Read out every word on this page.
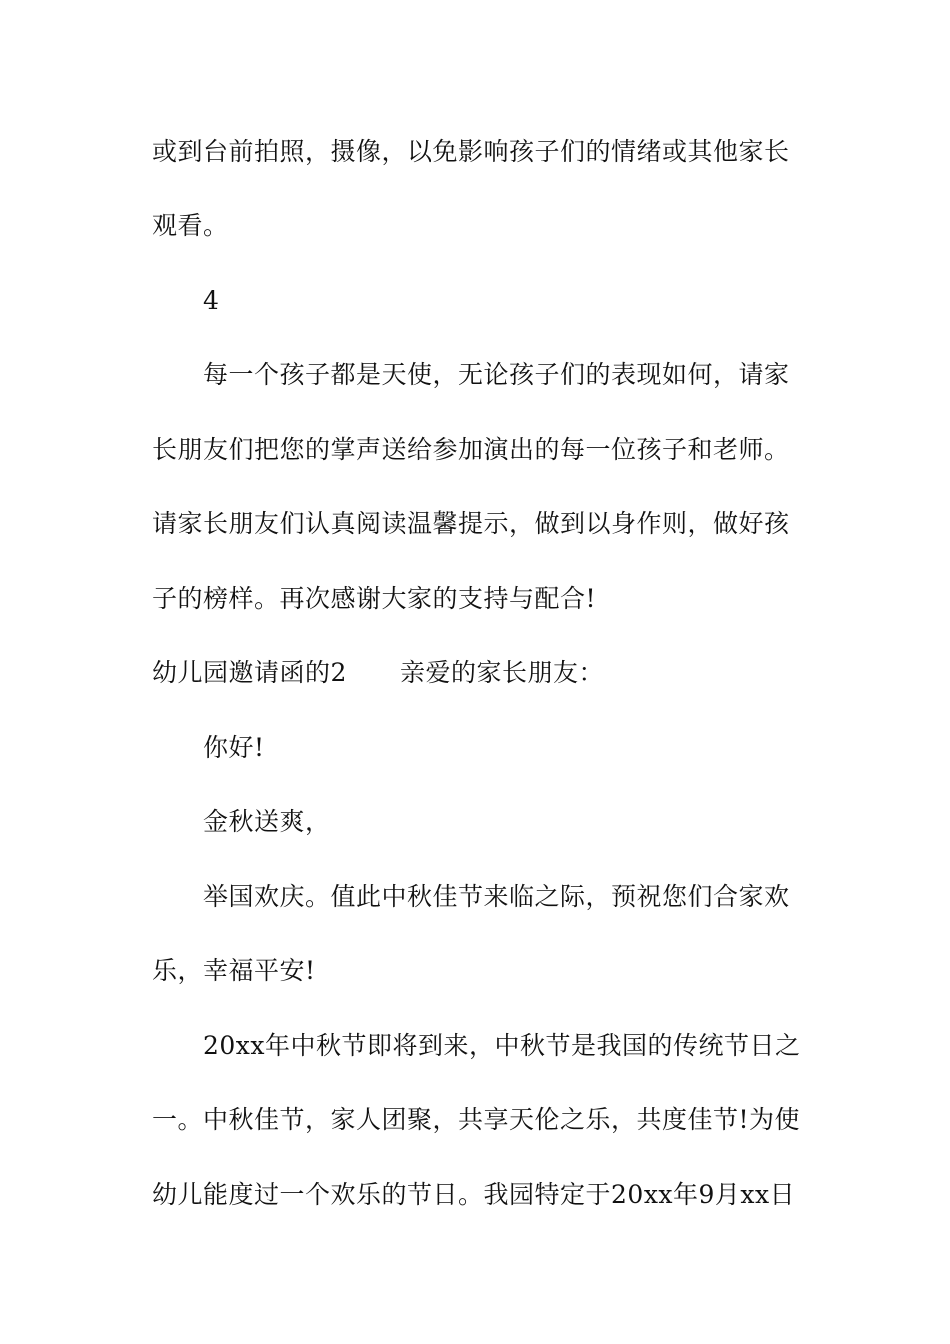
或到台前拍照，摄像，以免影响孩子们的情绪或其他家长
观看。
4
每一个孩子都是天使，无论孩子们的表现如何，请家
长朋友们把您的掌声送给参加演出的每一位孩子和老师。
请家长朋友们认真阅读温馨提示，做到以身作则，做好孩
子的榜样。再次感谢大家的支持与配合!
幼儿园邀请函的2 亲爱的家长朋友：
你好!
金秋送爽，
举国欢庆。值此中秋佳节来临之际，预祝您们合家欢
乐，幸福平安!
20xx年中秋节即将到来，中秋节是我国的传统节日之
一。中秋佳节，家人团聚，共享天伦之乐，共度佳节!为使
幼儿能度过一个欢乐的节日。我园特定于20xx年9月xx日
